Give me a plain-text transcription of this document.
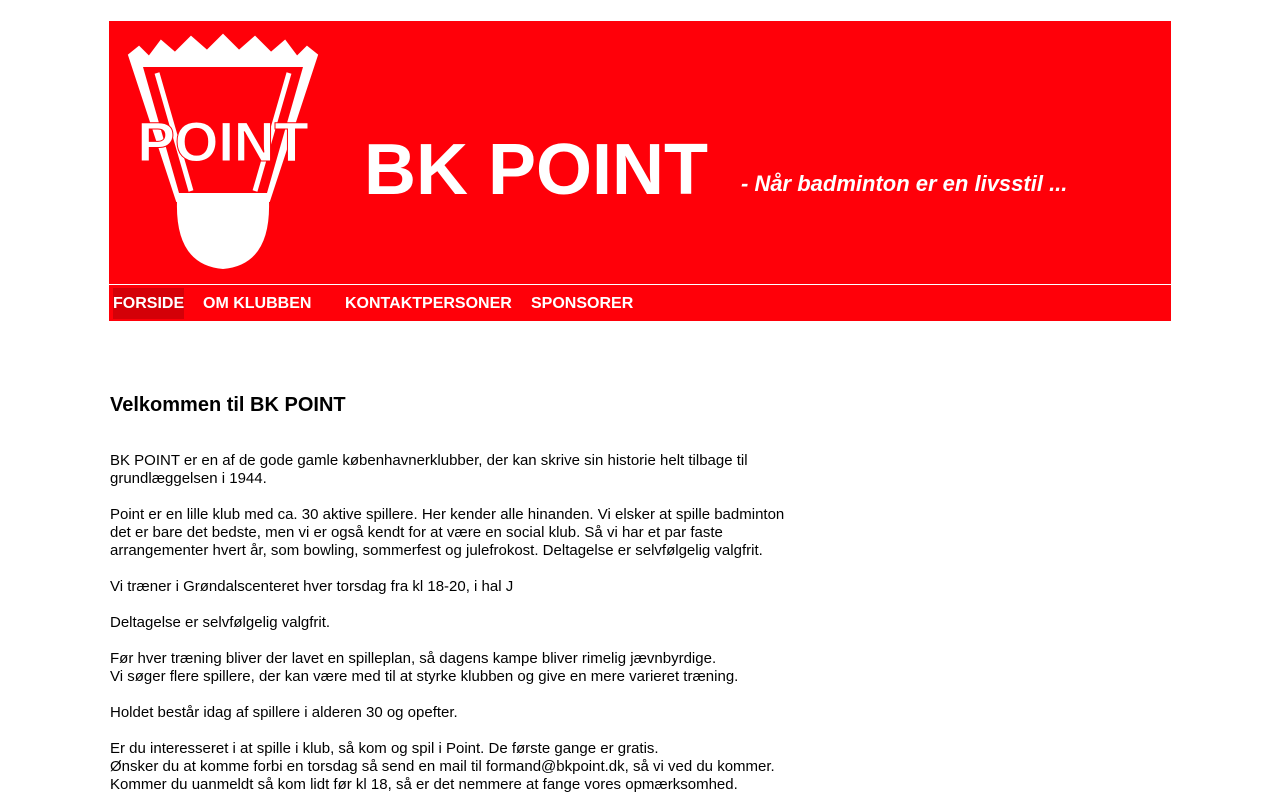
POINT BK POINT - Når badminton er en livsstil ...
FORSIDE OM KLUBBEN KONTAKTPERSONER SPONSORER
Velkommen til BK POINT

BK POINT er en af de gode gamle københavnerklubber, der kan skrive sin historie helt tilbage til
grundlæggelsen i 1944.

Point er en lille klub med ca. 30 aktive spillere. Her kender alle hinanden. Vi elsker at spille badminton
det er bare det bedste, men vi er også kendt for at være en social klub. Så vi har et par faste
arrangementer hvert år, som bowling, sommerfest og julefrokost. Deltagelse er selvfølgelig valgfrit.

Vi træner i Grøndalscenteret hver torsdag fra kl 18-20, i hal J

Deltagelse er selvfølgelig valgfrit.

Før hver træning bliver der lavet en spilleplan, så dagens kampe bliver rimelig jævnbyrdige.
Vi søger flere spillere, der kan være med til at styrke klubben og give en mere varieret træning.

Holdet består idag af spillere i alderen 30 og opefter.

Er du interesseret i at spille i klub, så kom og spil i Point. De første gange er gratis.
Ønsker du at komme forbi en torsdag så send en mail til formand@bkpoint.dk, så vi ved du kommer.
Kommer du uanmeldt så kom lidt før kl 18, så er det nemmere at fange vores opmærksomhed.
